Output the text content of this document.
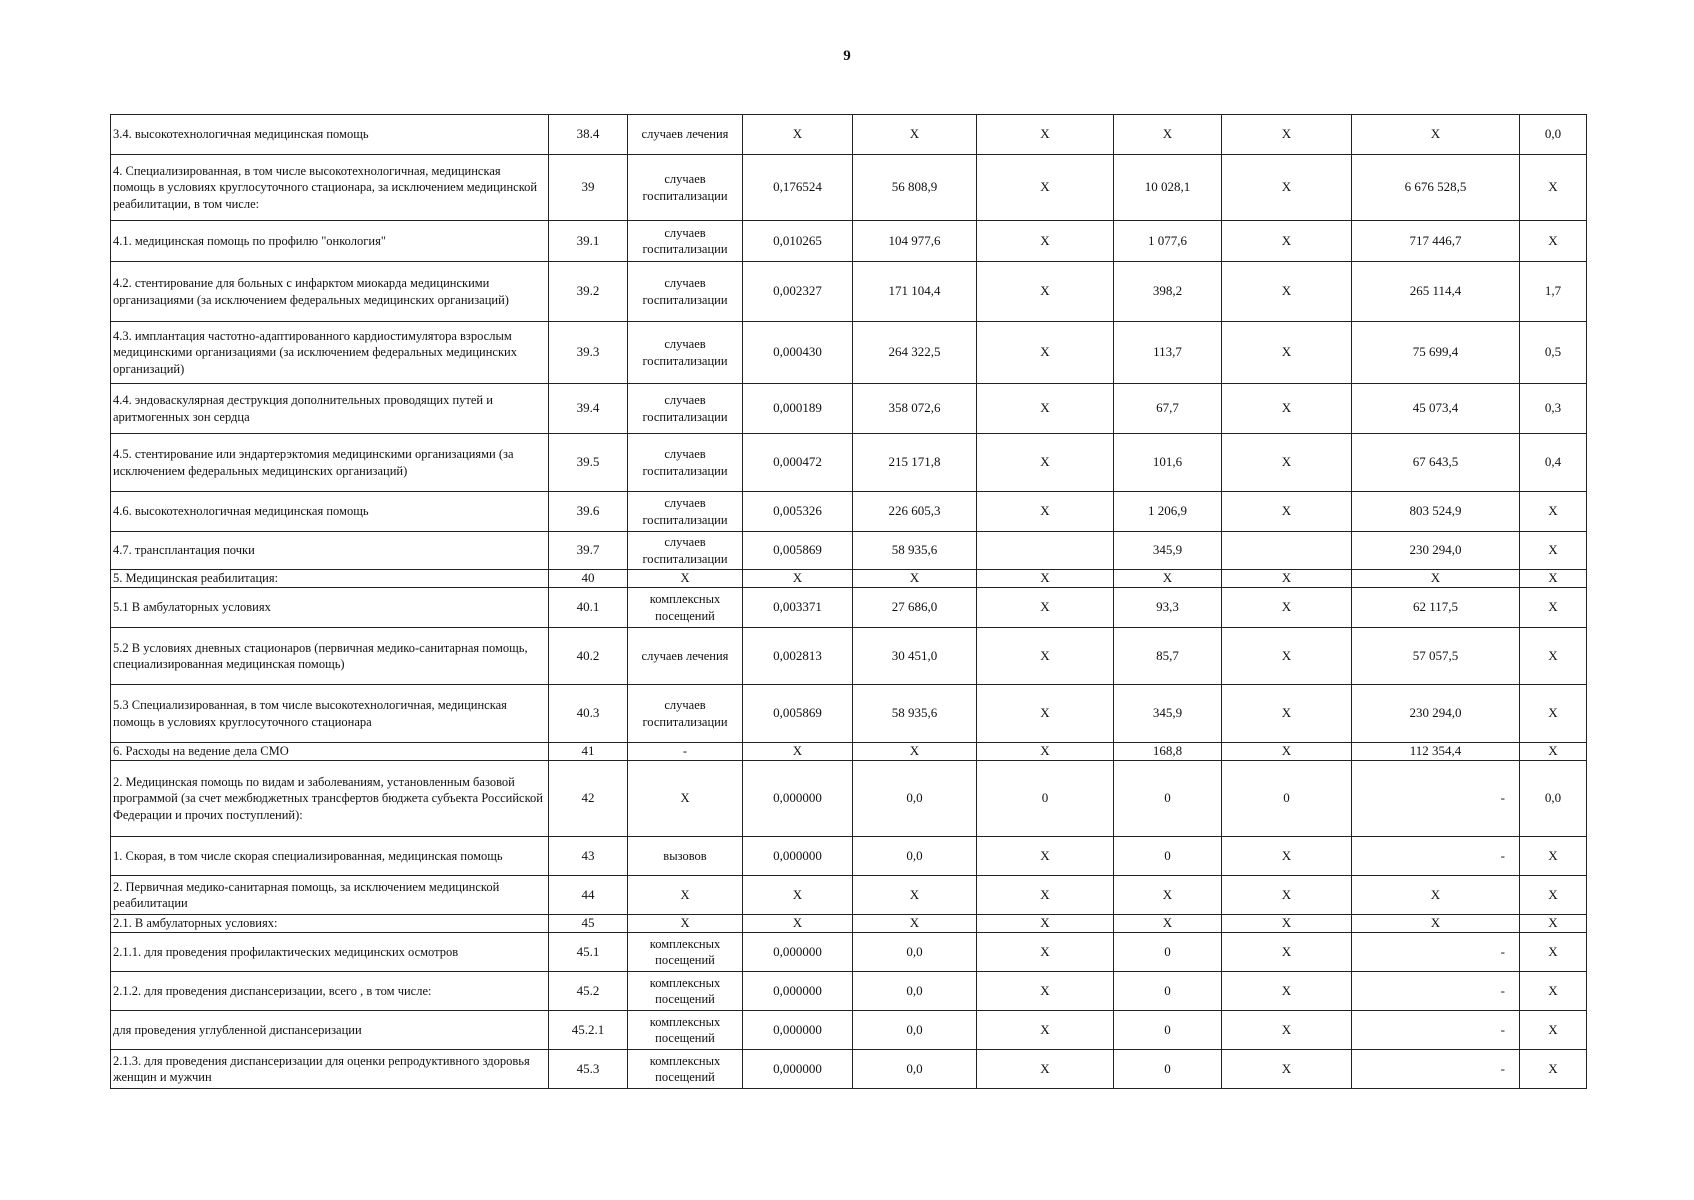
9
3.4. высокотехнологичная медицинская помощь	38.4	случаев лечения	X	X	X	X	X	X	0,0
4. Специализированная, в том числе высокотехнологичная, медицинская помощь в условиях круглосуточного стационара, за исключением медицинской реабилитации, в том числе:	39	случаев госпитализации	0,176524	56 808,9	X	10 028,1	X	6 676 528,5	X
4.1. медицинская помощь по профилю "онкология"	39.1	случаев госпитализации	0,010265	104 977,6	X	1 077,6	X	717 446,7	X
4.2. стентирование для больных с инфарктом миокарда медицинскими организациями (за исключением федеральных медицинских организаций)	39.2	случаев госпитализации	0,002327	171 104,4	X	398,2	X	265 114,4	1,7
4.3. имплантация частотно-адаптированного кардиостимулятора взрослым медицинскими организациями (за исключением федеральных медицинских организаций)	39.3	случаев госпитализации	0,000430	264 322,5	X	113,7	X	75 699,4	0,5
4.4. эндоваскулярная деструкция дополнительных проводящих путей и аритмогенных зон сердца	39.4	случаев госпитализации	0,000189	358 072,6	X	67,7	X	45 073,4	0,3
4.5. стентирование или эндартерэктомия медицинскими организациями (за исключением федеральных медицинских организаций)	39.5	случаев госпитализации	0,000472	215 171,8	X	101,6	X	67 643,5	0,4
4.6. высокотехнологичная медицинская помощь	39.6	случаев госпитализации	0,005326	226 605,3	X	1 206,9	X	803 524,9	X
4.7. трансплантация почки	39.7	случаев госпитализации	0,005869	58 935,6		345,9		230 294,0	X
5. Медицинская реабилитация:	40	X	X	X	X	X	X	X	X
5.1 В амбулаторных условиях	40.1	комплексных посещений	0,003371	27 686,0	X	93,3	X	62 117,5	X
5.2 В условиях дневных стационаров (первичная медико-санитарная помощь, специализированная медицинская помощь)	40.2	случаев лечения	0,002813	30 451,0	X	85,7	X	57 057,5	X
5.3 Специализированная, в том числе высокотехнологичная, медицинская помощь в условиях круглосуточного стационара	40.3	случаев госпитализации	0,005869	58 935,6	X	345,9	X	230 294,0	X
6. Расходы на ведение дела СМО	41	-	X	X	X	168,8	X	112 354,4	X
2. Медицинская помощь по видам и заболеваниям, установленным базовой программой (за счет межбюджетных трансфертов бюджета субъекта Российской Федерации и прочих поступлений):	42	X	0,000000	0,0	0	0	0	-	0,0
1. Скорая, в том числе скорая специализированная, медицинская помощь	43	вызовов	0,000000	0,0	X	0	X	-	X
2. Первичная медико-санитарная помощь, за исключением медицинской реабилитации	44	X	X	X	X	X	X	X	X
2.1. В амбулаторных условиях:	45	X	X	X	X	X	X	X	X
2.1.1. для проведения профилактических медицинских осмотров	45.1	комплексных посещений	0,000000	0,0	X	0	X	-	X
2.1.2. для проведения диспансеризации, всего , в том числе:	45.2	комплексных посещений	0,000000	0,0	X	0	X	-	X
для проведения углубленной диспансеризации	45.2.1	комплексных посещений	0,000000	0,0	X	0	X	-	X
2.1.3. для проведения диспансеризации для оценки репродуктивного здоровья женщин и мужчин	45.3	комплексных посещений	0,000000	0,0	X	0	X	-	X
